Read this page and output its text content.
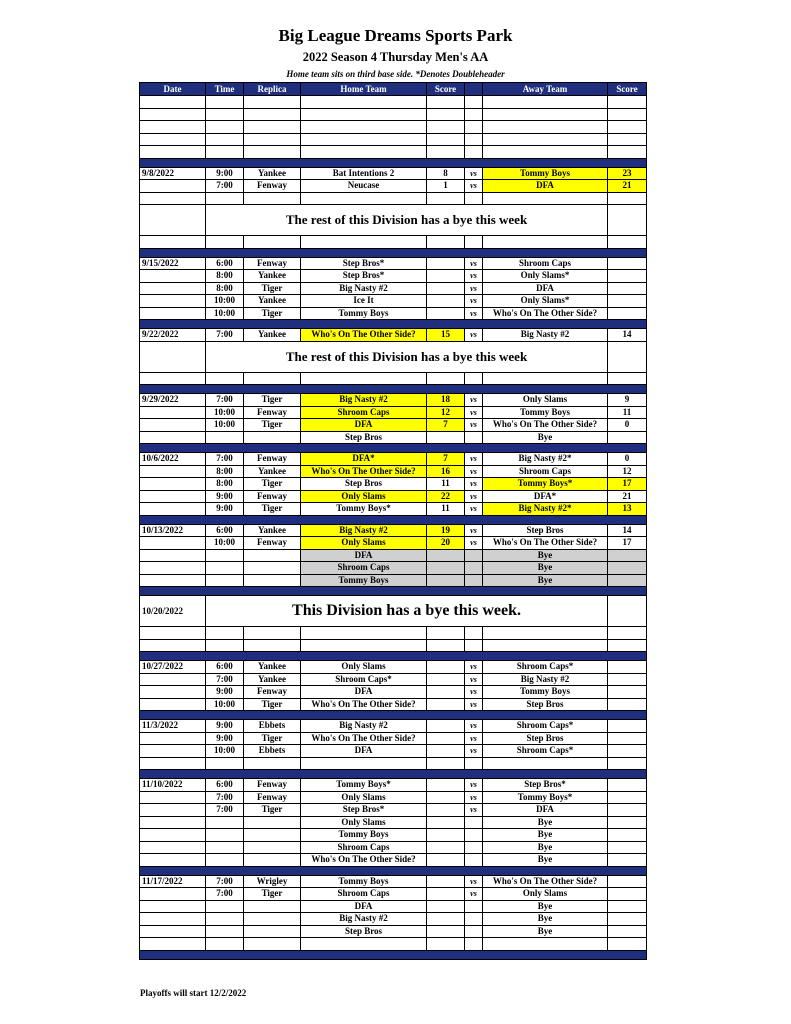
Big League Dreams Sports Park
2022 Season 4 Thursday Men's AA
Home team sits on third base side. *Denotes Doubleheader
Date	Time	Replica	Home Team	Score		Away Team	Score

9/8/2022	9:00	Yankee	Bat Intentions 2	8	vs	Tommy Boys	23
	7:00	Fenway	Neucase	1	vs	DFA	21

	The rest of this Division has a bye this week						

9/15/2022	6:00	Fenway	Step Bros*		vs	Shroom Caps	
	8:00	Yankee	Step Bros*		vs	Only Slams*	
	8:00	Tiger	Big Nasty #2		vs	DFA	
	10:00	Yankee	Ice It		vs	Only Slams*	
	10:00	Tiger	Tommy Boys		vs	Who's On The Other Side?	

9/22/2022	7:00	Yankee	Who's On The Other Side?	15	vs	Big Nasty #2	14
	The rest of this Division has a bye this week						

9/29/2022	7:00	Tiger	Big Nasty #2	18	vs	Only Slams	9
	10:00	Fenway	Shroom Caps	12	vs	Tommy Boys	11
	10:00	Tiger	DFA	7	vs	Who's On The Other Side?	0
			Step Bros			Bye	

10/6/2022	7:00	Fenway	DFA*	7	vs	Big Nasty #2*	0
	8:00	Yankee	Who's On The Other Side?	16	vs	Shroom Caps	12
	8:00	Tiger	Step Bros	11	vs	Tommy Boys*	17
	9:00	Fenway	Only Slams	22	vs	DFA*	21
	9:00	Tiger	Tommy Boys*	11	vs	Big Nasty #2*	13

10/13/2022	6:00	Yankee	Big Nasty #2	19	vs	Step Bros	14
	10:00	Fenway	Only Slams	20	vs	Who's On The Other Side?	17
			DFA			Bye	
			Shroom Caps			Bye	
			Tommy Boys			Bye	

10/20/2022	This Division has a bye this week.						

10/27/2022	6:00	Yankee	Only Slams		vs	Shroom Caps*	
	7:00	Yankee	Shroom Caps*		vs	Big Nasty #2	
	9:00	Fenway	DFA		vs	Tommy Boys	
	10:00	Tiger	Who's On The Other Side?		vs	Step Bros	

11/3/2022	9:00	Ebbets	Big Nasty #2		vs	Shroom Caps*	
	9:00	Tiger	Who's On The Other Side?		vs	Step Bros	
	10:00	Ebbets	DFA		vs	Shroom Caps*	

11/10/2022	6:00	Fenway	Tommy Boys*		vs	Step Bros*	
	7:00	Fenway	Only Slams		vs	Tommy Boys*	
	7:00	Tiger	Step Bros*		vs	DFA	
			Only Slams			Bye	
			Tommy Boys			Bye	
			Shroom Caps			Bye	
			Who's On The Other Side?			Bye	

11/17/2022	7:00	Wrigley	Tommy Boys		vs	Who's On The Other Side?	
	7:00	Tiger	Shroom Caps		vs	Only Slams	
			DFA			Bye	
			Big Nasty #2			Bye	
			Step Bros			Bye	

Playoffs will start 12/2/2022
